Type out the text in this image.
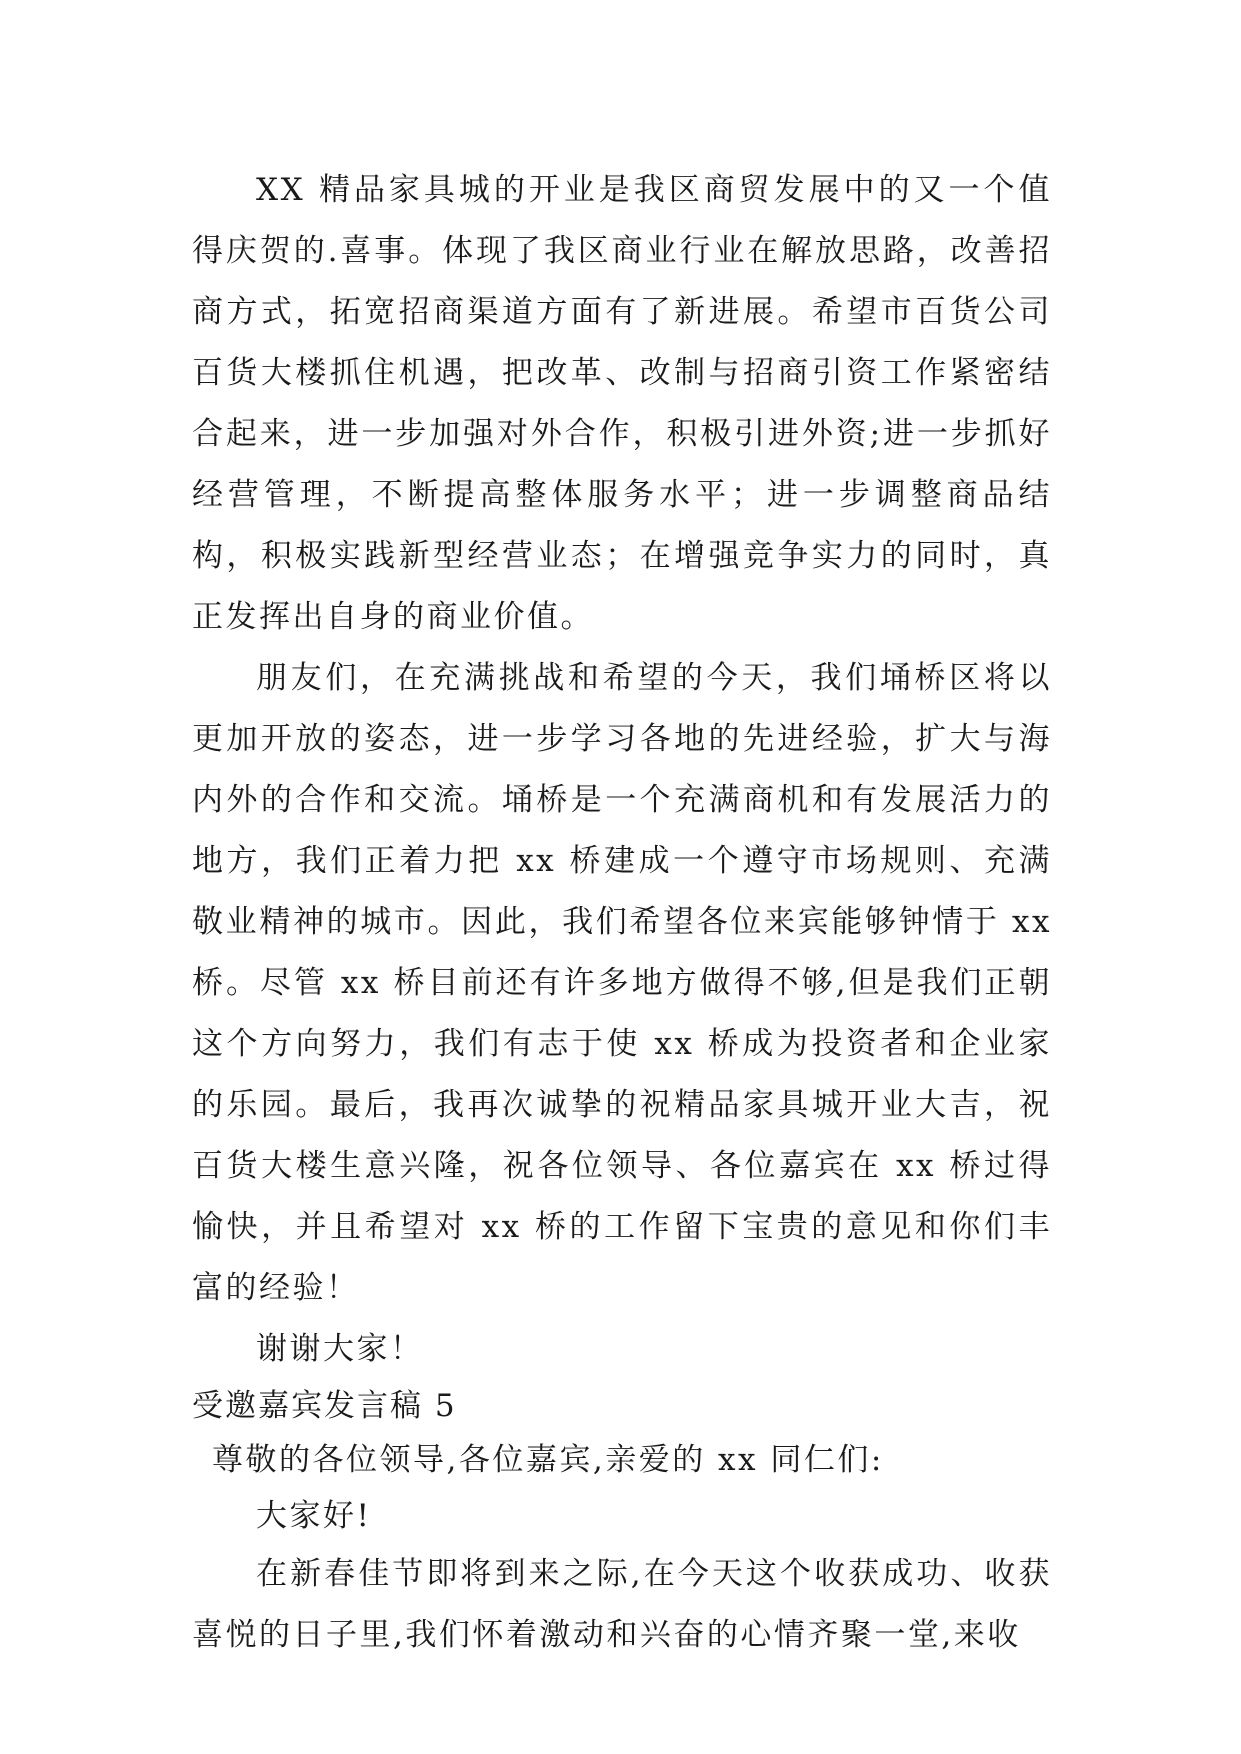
XX 精品家具城的开业是我区商贸发展中的又一个值得庆贺的.喜事。体现了我区商业行业在解放思路，改善招商方式，拓宽招商渠道方面有了新进展。希望市百货公司百货大楼抓住机遇，把改革、改制与招商引资工作紧密结合起来，进一步加强对外合作，积极引进外资;进一步抓好经营管理，不断提高整体服务水平；进一步调整商品结构，积极实践新型经营业态；在增强竞争实力的同时，真正发挥出自身的商业价值。

朋友们，在充满挑战和希望的今天，我们埇桥区将以更加开放的姿态，进一步学习各地的先进经验，扩大与海内外的合作和交流。埇桥是一个充满商机和有发展活力的地方，我们正着力把 xx 桥建成一个遵守市场规则、充满敬业精神的城市。因此，我们希望各位来宾能够钟情于 xx 桥。尽管 xx 桥目前还有许多地方做得不够,但是我们正朝这个方向努力，我们有志于使 xx 桥成为投资者和企业家的乐园。最后，我再次诚挚的祝精品家具城开业大吉，祝百货大楼生意兴隆，祝各位领导、各位嘉宾在 xx 桥过得愉快，并且希望对 xx 桥的工作留下宝贵的意见和你们丰富的经验！

谢谢大家！

受邀嘉宾发言稿 5

尊敬的各位领导,各位嘉宾,亲爱的 xx 同仁们:

大家好!

在新春佳节即将到来之际,在今天这个收获成功、收获喜悦的日子里,我们怀着激动和兴奋的心情齐聚一堂,来收
